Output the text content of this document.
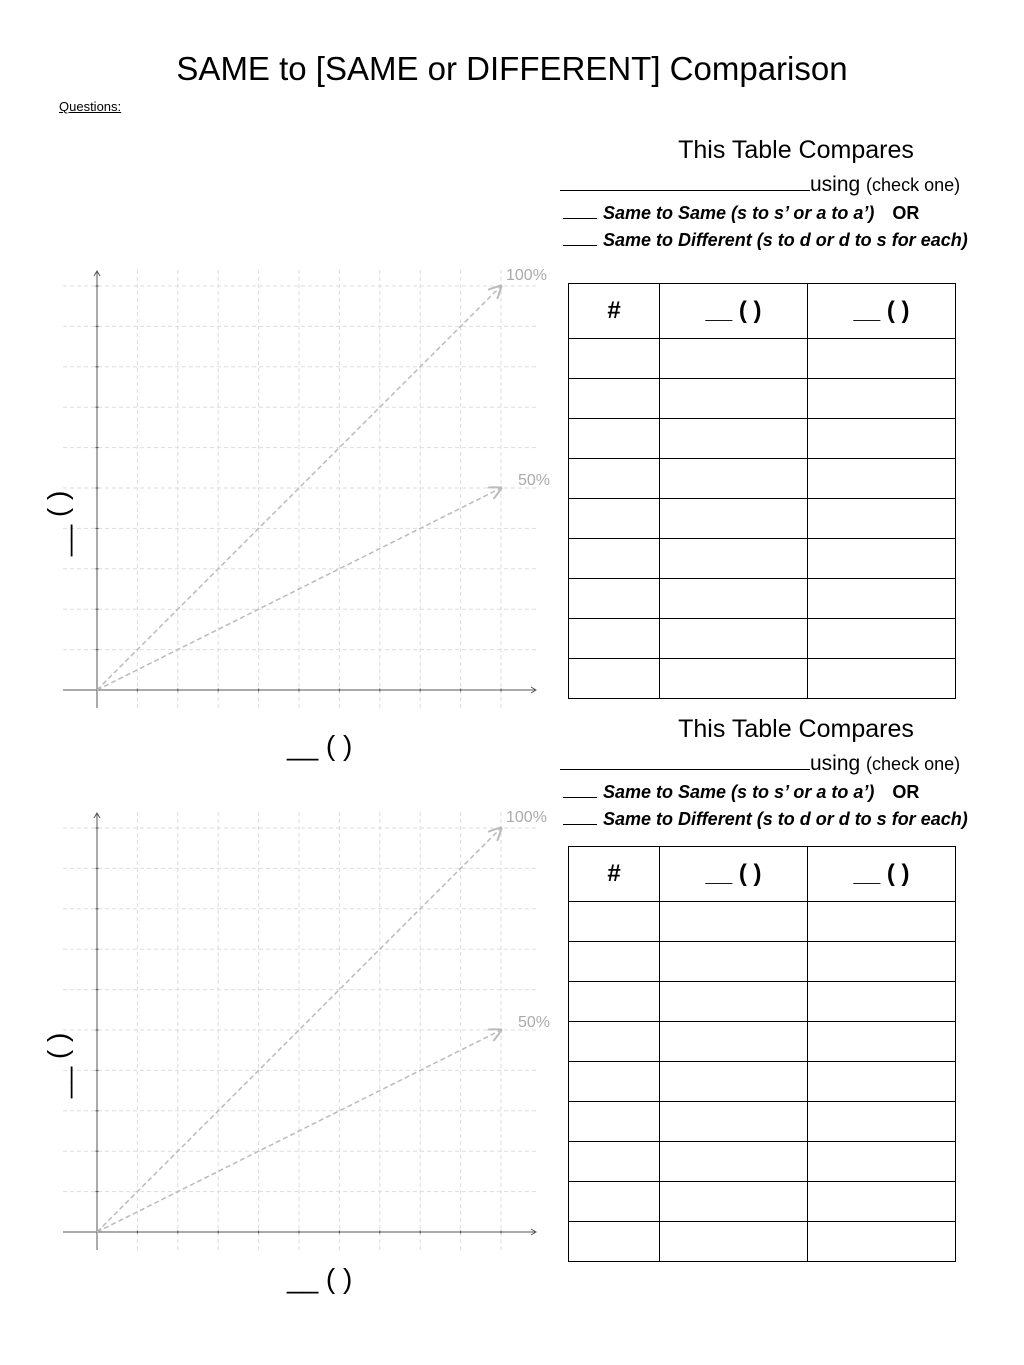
SAME to [SAME or DIFFERENT] Comparison
Questions:
This Table Compares
using (check one)
Same to Same (s to s’ or a to a’) OR
Same to Different (s to d or d to s for each)
#	__ ( )	__ ( )

100%
50%
__ ( )
__ ( )
This Table Compares
using (check one)
Same to Same (s to s’ or a to a’) OR
Same to Different (s to d or d to s for each)
#	__ ( )	__ ( )

100%
50%
__ ( )
__ ( )
